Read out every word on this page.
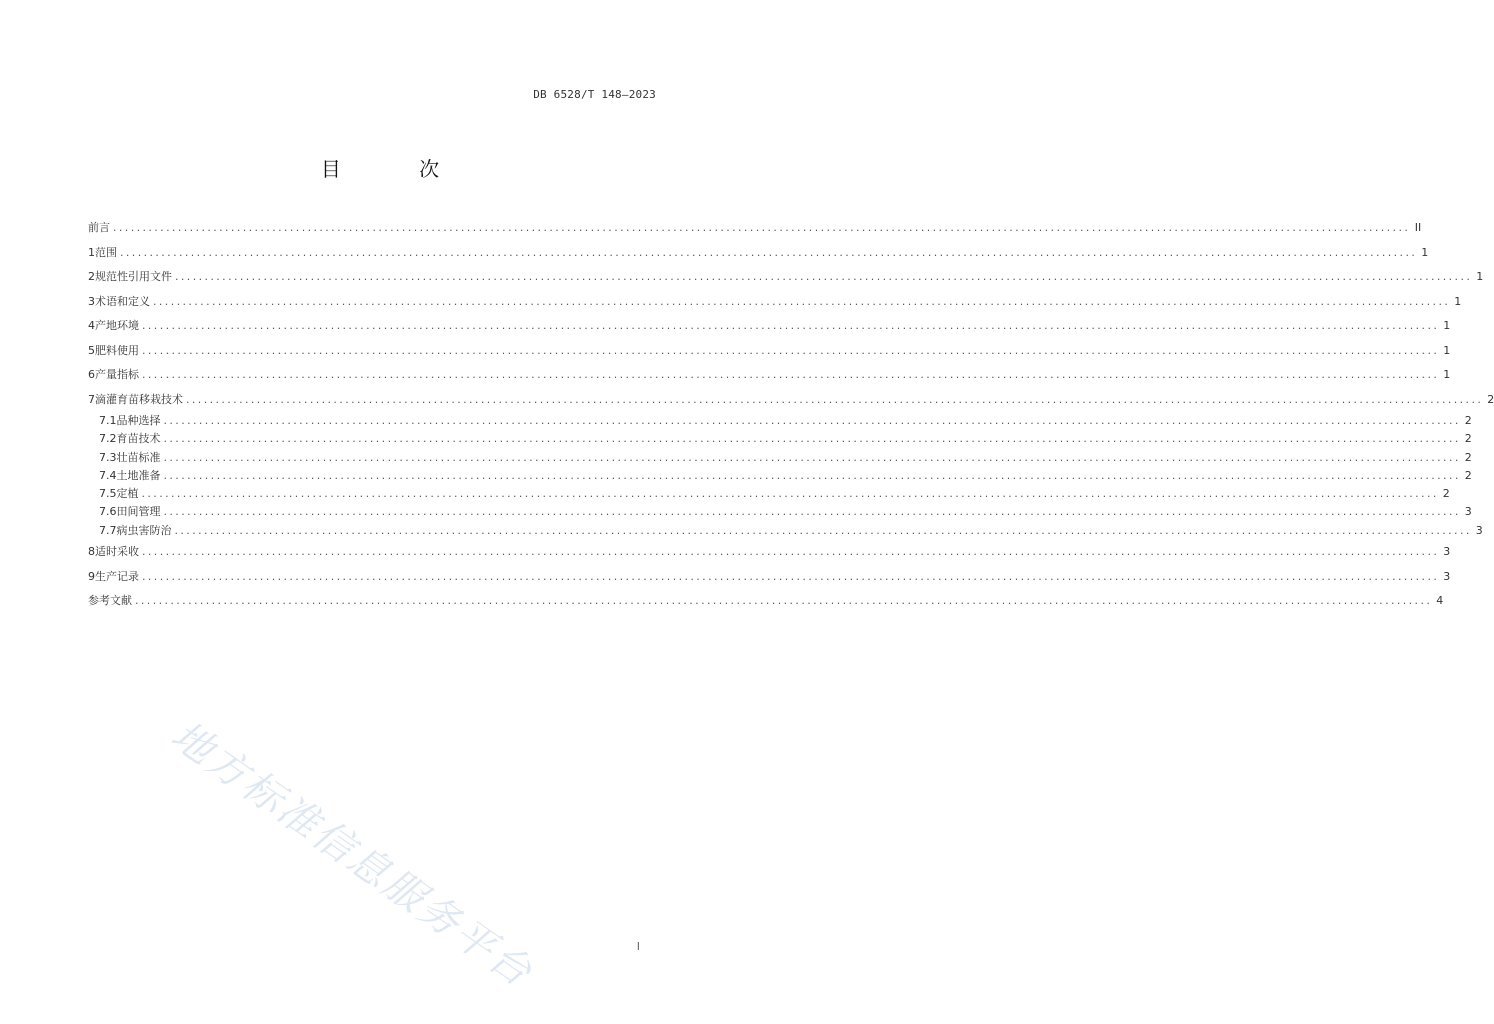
DB 6528/T 148—2023
目 次
前言 ............................................................................................................................................................................................................................ II
1 范围 ............................................................................................................................................................................................................................ 1
2 规范性引用文件 ............................................................................................................................................................................................................................ 1
3 术语和定义 ............................................................................................................................................................................................................................ 1
4 产地环境 ............................................................................................................................................................................................................................ 1
5 肥料使用 ............................................................................................................................................................................................................................ 1
6 产量指标 ............................................................................................................................................................................................................................ 1
7 滴灌育苗移栽技术 ............................................................................................................................................................................................................................ 2
7.1 品种选择 ............................................................................................................................................................................................................................ 2
7.2 育苗技术 ............................................................................................................................................................................................................................ 2
7.3 壮苗标准 ............................................................................................................................................................................................................................ 2
7.4 土地准备 ............................................................................................................................................................................................................................ 2
7.5 定植 ............................................................................................................................................................................................................................ 2
7.6 田间管理 ............................................................................................................................................................................................................................ 3
7.7 病虫害防治 ............................................................................................................................................................................................................................ 3
8 适时采收 ............................................................................................................................................................................................................................ 3
9 生产记录 ............................................................................................................................................................................................................................ 3
参考文献 ............................................................................................................................................................................................................................ 4
地方标准信息服务平台	I
